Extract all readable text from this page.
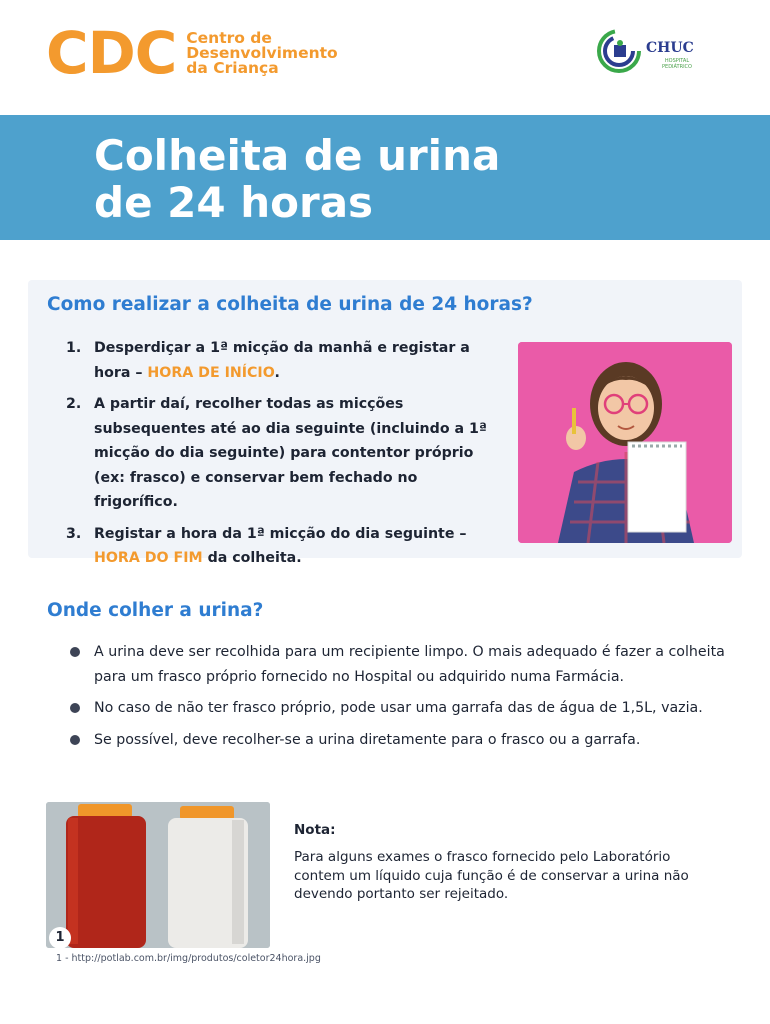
CDC Centro de
Desenvolvimento
da Criança
CHUC
HOSPITAL PEDIÁTRICO
Colheita de urina
de 24 horas
Como realizar a colheita de urina de 24 horas?
1. Desperdiçar a 1ª micção da manhã e registar a hora – HORA DE INÍCIO.
2. A partir daí, recolher todas as micções subsequentes até ao dia seguinte (incluindo a 1ª micção do dia seguinte) para contentor próprio (ex: frasco) e conservar bem fechado no frigorífico.
3. Registar a hora da 1ª micção do dia seguinte – HORA DO FIM da colheita.
Onde colher a urina?
A urina deve ser recolhida para um recipiente limpo. O mais adequado é fazer a colheita para um frasco próprio fornecido no Hospital ou adquirido numa Farmácia.
No caso de não ter frasco próprio, pode usar uma garrafa das de água de 1,5L, vazia.
Se possível, deve recolher-se a urina diretamente para o frasco ou a garrafa.
1
1 - http://potlab.com.br/img/produtos/coletor24hora.jpg
Nota:
Para alguns exames o frasco fornecido pelo Laboratório contem um líquido cuja função é de conservar a urina não devendo portanto ser rejeitado.
